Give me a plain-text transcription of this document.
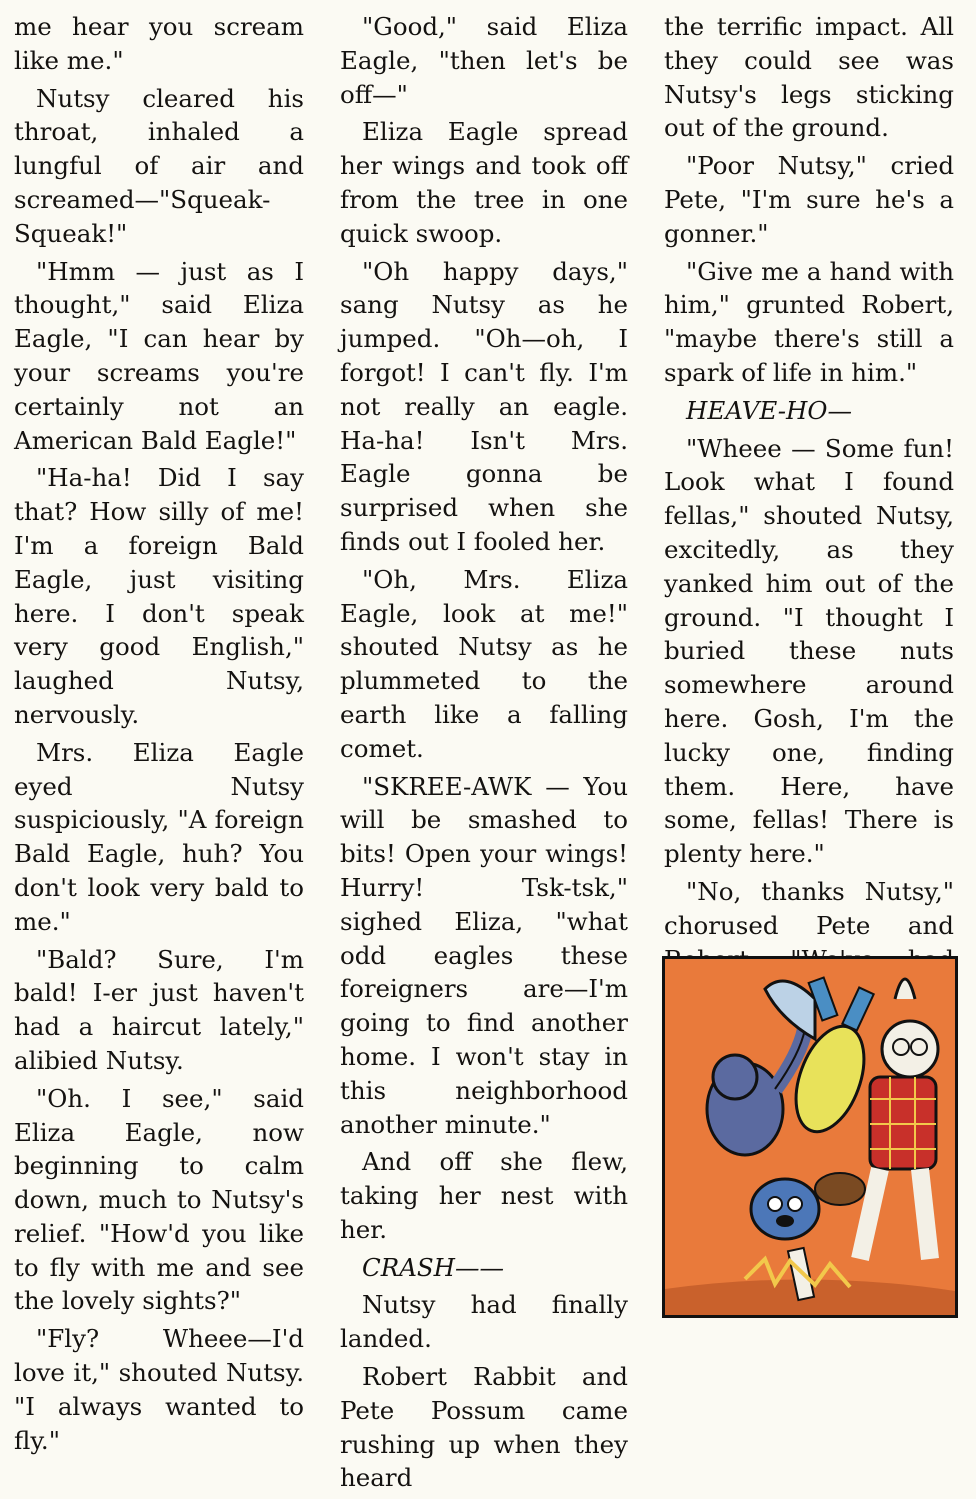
me hear you scream like me."

Nutsy cleared his throat, inhaled a lungful of air and screamed—"Squeak-Squeak!"

"Hmm — just as I thought," said Eliza Eagle, "I can hear by your screams you're certainly not an American Bald Eagle!"

"Ha-ha! Did I say that? How silly of me! I'm a foreign Bald Eagle, just visiting here. I don't speak very good English," laughed Nutsy, nervously.

Mrs. Eliza Eagle eyed Nutsy suspiciously, "A foreign Bald Eagle, huh? You don't look very bald to me."

"Bald? Sure, I'm bald! I-er just haven't had a haircut lately," alibied Nutsy.

"Oh. I see," said Eliza Eagle, now beginning to calm down, much to Nutsy's relief. "How'd you like to fly with me and see the lovely sights?"

"Fly? Wheee—I'd love it," shouted Nutsy. "I always wanted to fly."

"Good," said Eliza Eagle, "then let's be off—"

Eliza Eagle spread her wings and took off from the tree in one quick swoop.

"Oh happy days," sang Nutsy as he jumped. "Oh—oh, I forgot! I can't fly. I'm not really an eagle. Ha-ha! Isn't Mrs. Eagle gonna be surprised when she finds out I fooled her.

"Oh, Mrs. Eliza Eagle, look at me!" shouted Nutsy as he plummeted to the earth like a falling comet.

"SKREE-AWK — You will be smashed to bits! Open your wings! Hurry! Tsk-tsk," sighed Eliza, "what odd eagles these foreigners are—I'm going to find another home. I won't stay in this neighborhood another minute."

And off she flew, taking her nest with her.

CRASH——

Nutsy had finally landed.

Robert Rabbit and Pete Possum came rushing up when they heard

the terrific impact. All they could see was Nutsy's legs sticking out of the ground.

"Poor Nutsy," cried Pete, "I'm sure he's a gonner."

"Give me a hand with him," grunted Robert, "maybe there's still a spark of life in him."

HEAVE-HO—

"Wheee — Some fun! Look what I found fellas," shouted Nutsy, excitedly, as they yanked him out of the ground. "I thought I buried these nuts somewhere around here. Gosh, I'm the lucky one, finding them. Here, have some, fellas! There is plenty here."

"No, thanks Nutsy," chorused Pete and
